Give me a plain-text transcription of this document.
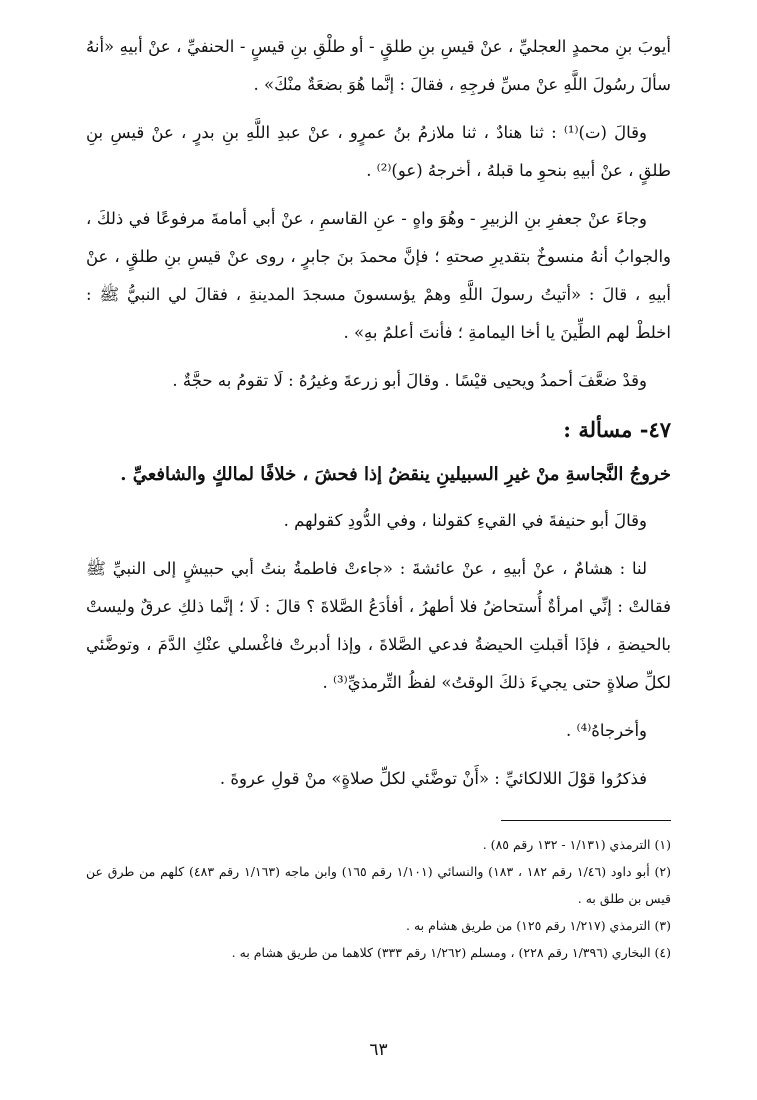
أيوبَ بنِ محمدٍ العجليِّ ، عنْ قيسِ بنِ طلقٍ - أو طلْقِ بنِ قيسٍ - الحنفيِّ ، عنْ أبيهِ «أنهُ سألَ رسُولَ اللَّهِ عنْ مسِّ فرجِهِ ، فقالَ : إنَّما هُوَ بضعَةٌ منْكَ» .

وقالَ (ت)⁽¹⁾ : ثنا هنادٌ ، ثنا ملازمُ بنُ عمرٍو ، عنْ عبدِ اللَّهِ بنِ بدرٍ ، عنْ قيسِ بنِ طلقٍ ، عنْ أبيهِ بنحوِ ما قبلهُ ، أخرجهُ (عو)⁽²⁾ .

وجاءَ عنْ جعفرِ بنِ الزبيرِ - وهُوَ واهٍ - عنِ القاسمِ ، عنْ أبي أمامةَ مرفوعًا في ذلكَ ، والجوابُ أنهُ منسوخٌ بتقديرِ صحتهِ ؛ فإنَّ محمدَ بنَ جابرٍ ، روى عنْ قيسِ بنِ طلقٍ ، عنْ أبيهِ ، قالَ : «أتيتُ رسولَ اللَّهِ وهمْ يؤسسونَ مسجدَ المدينةِ ، فقالَ لي النبيُّ ﷺ : اخلطْ لهم الطِّينَ يا أخا اليمامةِ ؛ فأنتَ أعلمُ بهِ» .

وقدْ ضعَّفَ أحمدُ ويحيى قيْسًا . وقالَ أبو زرعةَ وغيرُهُ : لَا تقومُ به حجَّةٌ .

٤٧- مسألة :

خروجُ النَّجاسةِ منْ غيرِ السبيلينِ ينقضُ إذا فحشَ ، خلافًا لمالكٍ والشافعيِّ .

وقالَ أبو حنيفةَ في القيءِ كقولنا ، وفي الدُّودِ كقولهم .

لنا : هشامٌ ، عنْ أبيهِ ، عنْ عائشةَ : «جاءتْ فاطمةُ بنتُ أبي حبيشٍ إلى النبيِّ ﷺ فقالتْ : إنِّي امرأةٌ أُستحاضُ فلا أطهرُ ، أفأدَعُ الصَّلاةَ ؟ قالَ : لَا ؛ إنَّما ذلكِ عرقٌ وليستْ بالحيضةِ ، فإذَا أقبلتِ الحيضةُ فدعي الصَّلاةَ ، وإذا أدبرتْ فاغْسلي عنْكِ الدَّمَ ، وتوضَّئي لكلِّ صلاةٍ حتى يجيءَ ذلكَ الوقتُ» لفظُ التِّرمذيِّ⁽³⁾ .

وأخرجاهُ⁽⁴⁾ .

فذكرُوا قوْلَ اللالكائيِّ : «أَنْ توضَّئي لكلِّ صلاةٍ» منْ قولِ عروةَ .

(١) الترمذي (١/١٣١ - ١٣٢ رقم ٨٥) .
(٢) أبو داود (١/٤٦ رقم ١٨٢ ، ١٨٣) والنسائي (١/١٠١ رقم ١٦٥) وابن ماجه (١/١٦٣ رقم ٤٨٣) كلهم من طرق عن قيس بن طلق به .
(٣) الترمذي (١/٢١٧ رقم ١٢٥) من طريق هشام به .
(٤) البخاري (١/٣٩٦ رقم ٢٢٨) ، ومسلم (١/٢٦٢ رقم ٣٣٣) كلاهما من طريق هشام به .
٦٣
